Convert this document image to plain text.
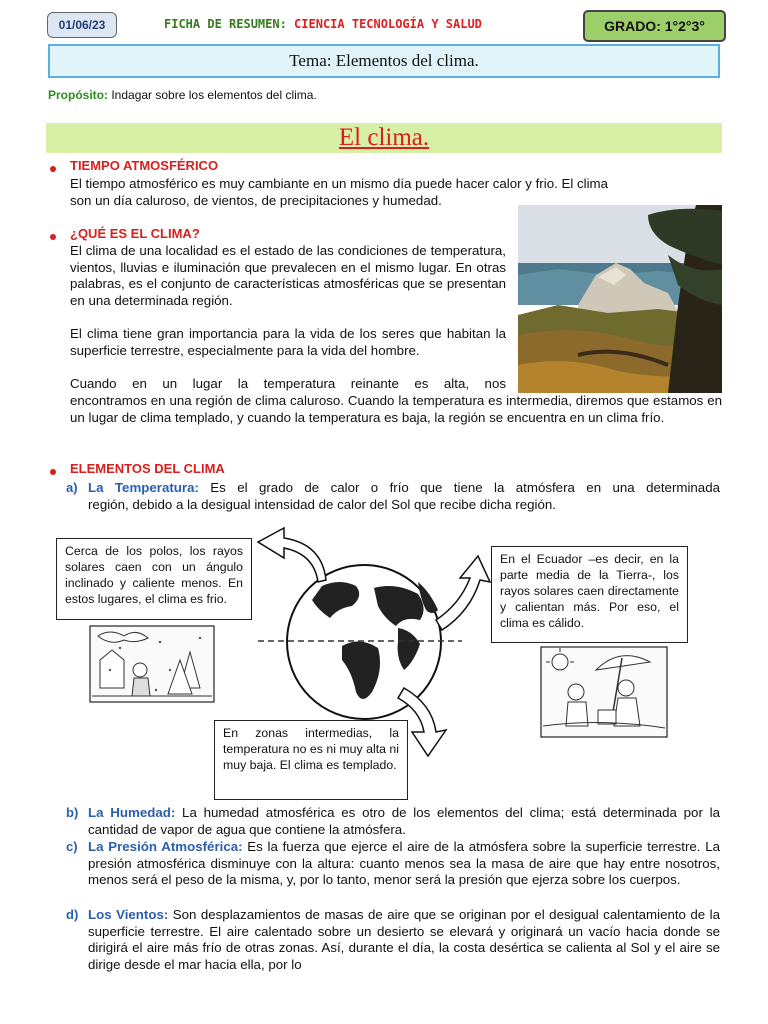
01/06/23	FICHA DE RESUMEN: CIENCIA TECNOLOGÍA Y SALUD	GRADO: 1°2°3°
Tema: Elementos del clima.
Propósito: Indagar sobre los elementos del clima.
El clima.
TIEMPO ATMOSFÉRICO
El tiempo atmosférico es muy cambiante en un mismo día puede hacer calor y frio. El clima
son un día caluroso, de vientos, de precipitaciones y humedad.
¿QUÉ ES EL CLIMA?
El clima de una localidad es el estado de las condiciones de temperatura, vientos, lluvias e iluminación que prevalecen en el mismo lugar. En otras palabras, es el conjunto de características atmosféricas que se presentan en una determinada región.
El clima tiene gran importancia para la vida de los seres que habitan la superficie terrestre, especialmente para la vida del hombre.
Cuando en un lugar la temperatura reinante es alta, nos
encontramos en una región de clima caluroso. Cuando la temperatura es intermedia, diremos que estamos en un lugar de clima templado, y cuando la temperatura es baja, la región se encuentra en un clima frío.
ELEMENTOS DEL CLIMA
a) La Temperatura: Es el grado de calor o frío que tiene la atmósfera en una determinada
región, debido a la desigual intensidad de calor del Sol que recibe dicha región.
Cerca de los polos, los rayos solares caen con un ángulo inclinado y caliente menos. En estos lugares, el clima es frio.
En el Ecuador –es decir, en la parte media de la Tierra-, los rayos solares caen directamente y calientan más. Por eso, el clima es cálido.
En zonas intermedias, la temperatura no es ni muy alta ni muy baja. El clima es templado.
b) La Humedad: La humedad atmosférica es otro de los elementos del clima; está determinada por la cantidad de vapor de agua que contiene la atmósfera.
c) La Presión Atmosférica: Es la fuerza que ejerce el aire de la atmósfera sobre la superficie terrestre. La presión atmosférica disminuye con la altura: cuanto menos sea la masa de aire que hay entre nosotros, menos será el peso de la misma, y, por lo tanto, menor será la presión que ejerza sobre los cuerpos.
d) Los Vientos: Son desplazamientos de masas de aire que se originan por el desigual calentamiento de la superficie terrestre. El aire calentado sobre un desierto se elevará y originará un vacío hacia donde se dirigirá el aire más frío de otras zonas. Así, durante el día, la costa desértica se calienta al Sol y el aire se dirige desde el mar hacia ella, por lo
